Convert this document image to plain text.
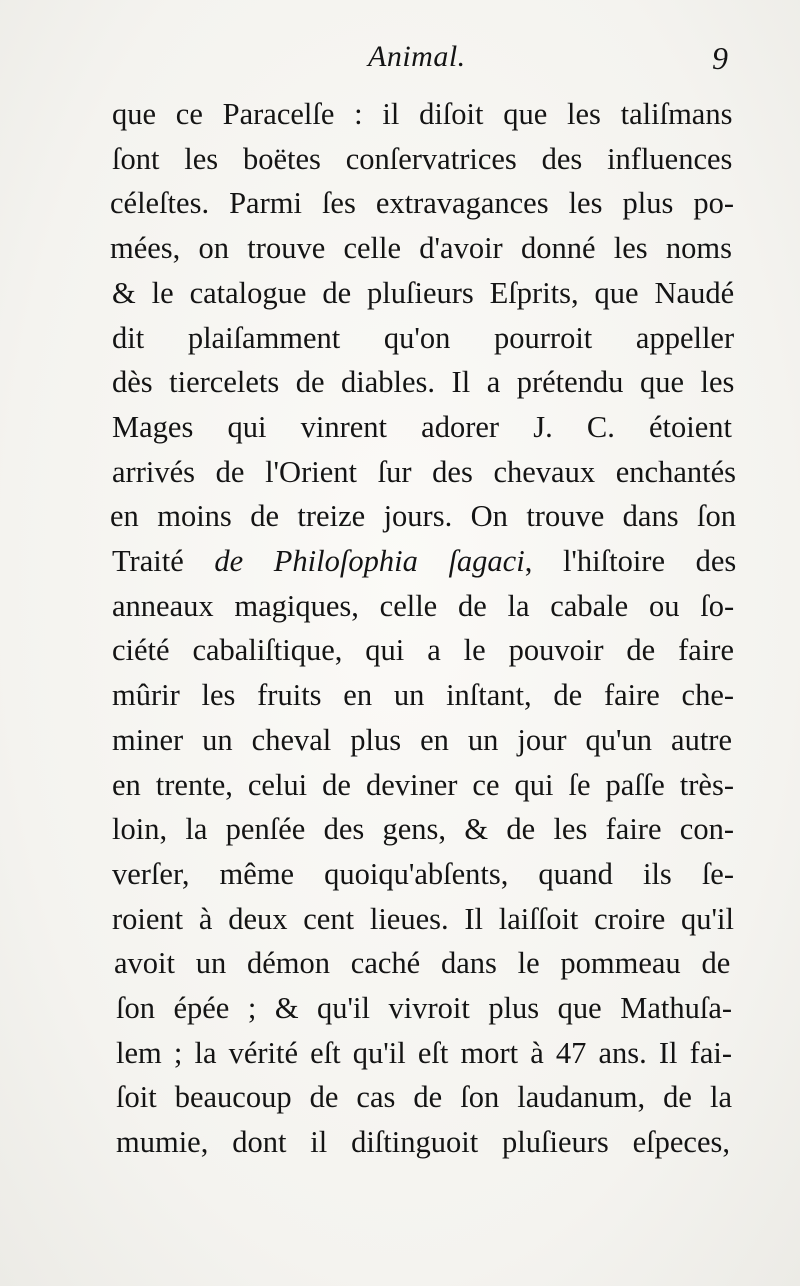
Animal.	9
que ce Paracelſe : il diſoit que les taliſmans
ſont les boëtes conſervatrices des influences
céleſtes. Parmi ſes extravagances les plus po-
mées, on trouve celle d'avoir donné les noms
& le catalogue de pluſieurs Eſprits, que Naudé
dit plaiſamment qu'on pourroit appeller
dès tiercelets de diables. Il a prétendu que les
Mages qui vinrent adorer J. C. étoient
arrivés de l'Orient ſur des chevaux enchantés
en moins de treize jours. On trouve dans ſon
Traité de Philoſophia ſagaci, l'hiſtoire des
anneaux magiques, celle de la cabale ou ſo-
ciété cabaliſtique, qui a le pouvoir de faire
mûrir les fruits en un inſtant, de faire che-
miner un cheval plus en un jour qu'un autre
en trente, celui de deviner ce qui ſe paſſe très-
loin, la penſée des gens, & de les faire con-
verſer, même quoiqu'abſents, quand ils ſe-
roient à deux cent lieues. Il laiſſoit croire qu'il
avoit un démon caché dans le pommeau de
ſon épée ; & qu'il vivroit plus que Mathuſa-
lem ; la vérité eſt qu'il eſt mort à 47 ans. Il fai-
ſoit beaucoup de cas de ſon laudanum, de la
mumie, dont il diſtinguoit pluſieurs eſpeces,
